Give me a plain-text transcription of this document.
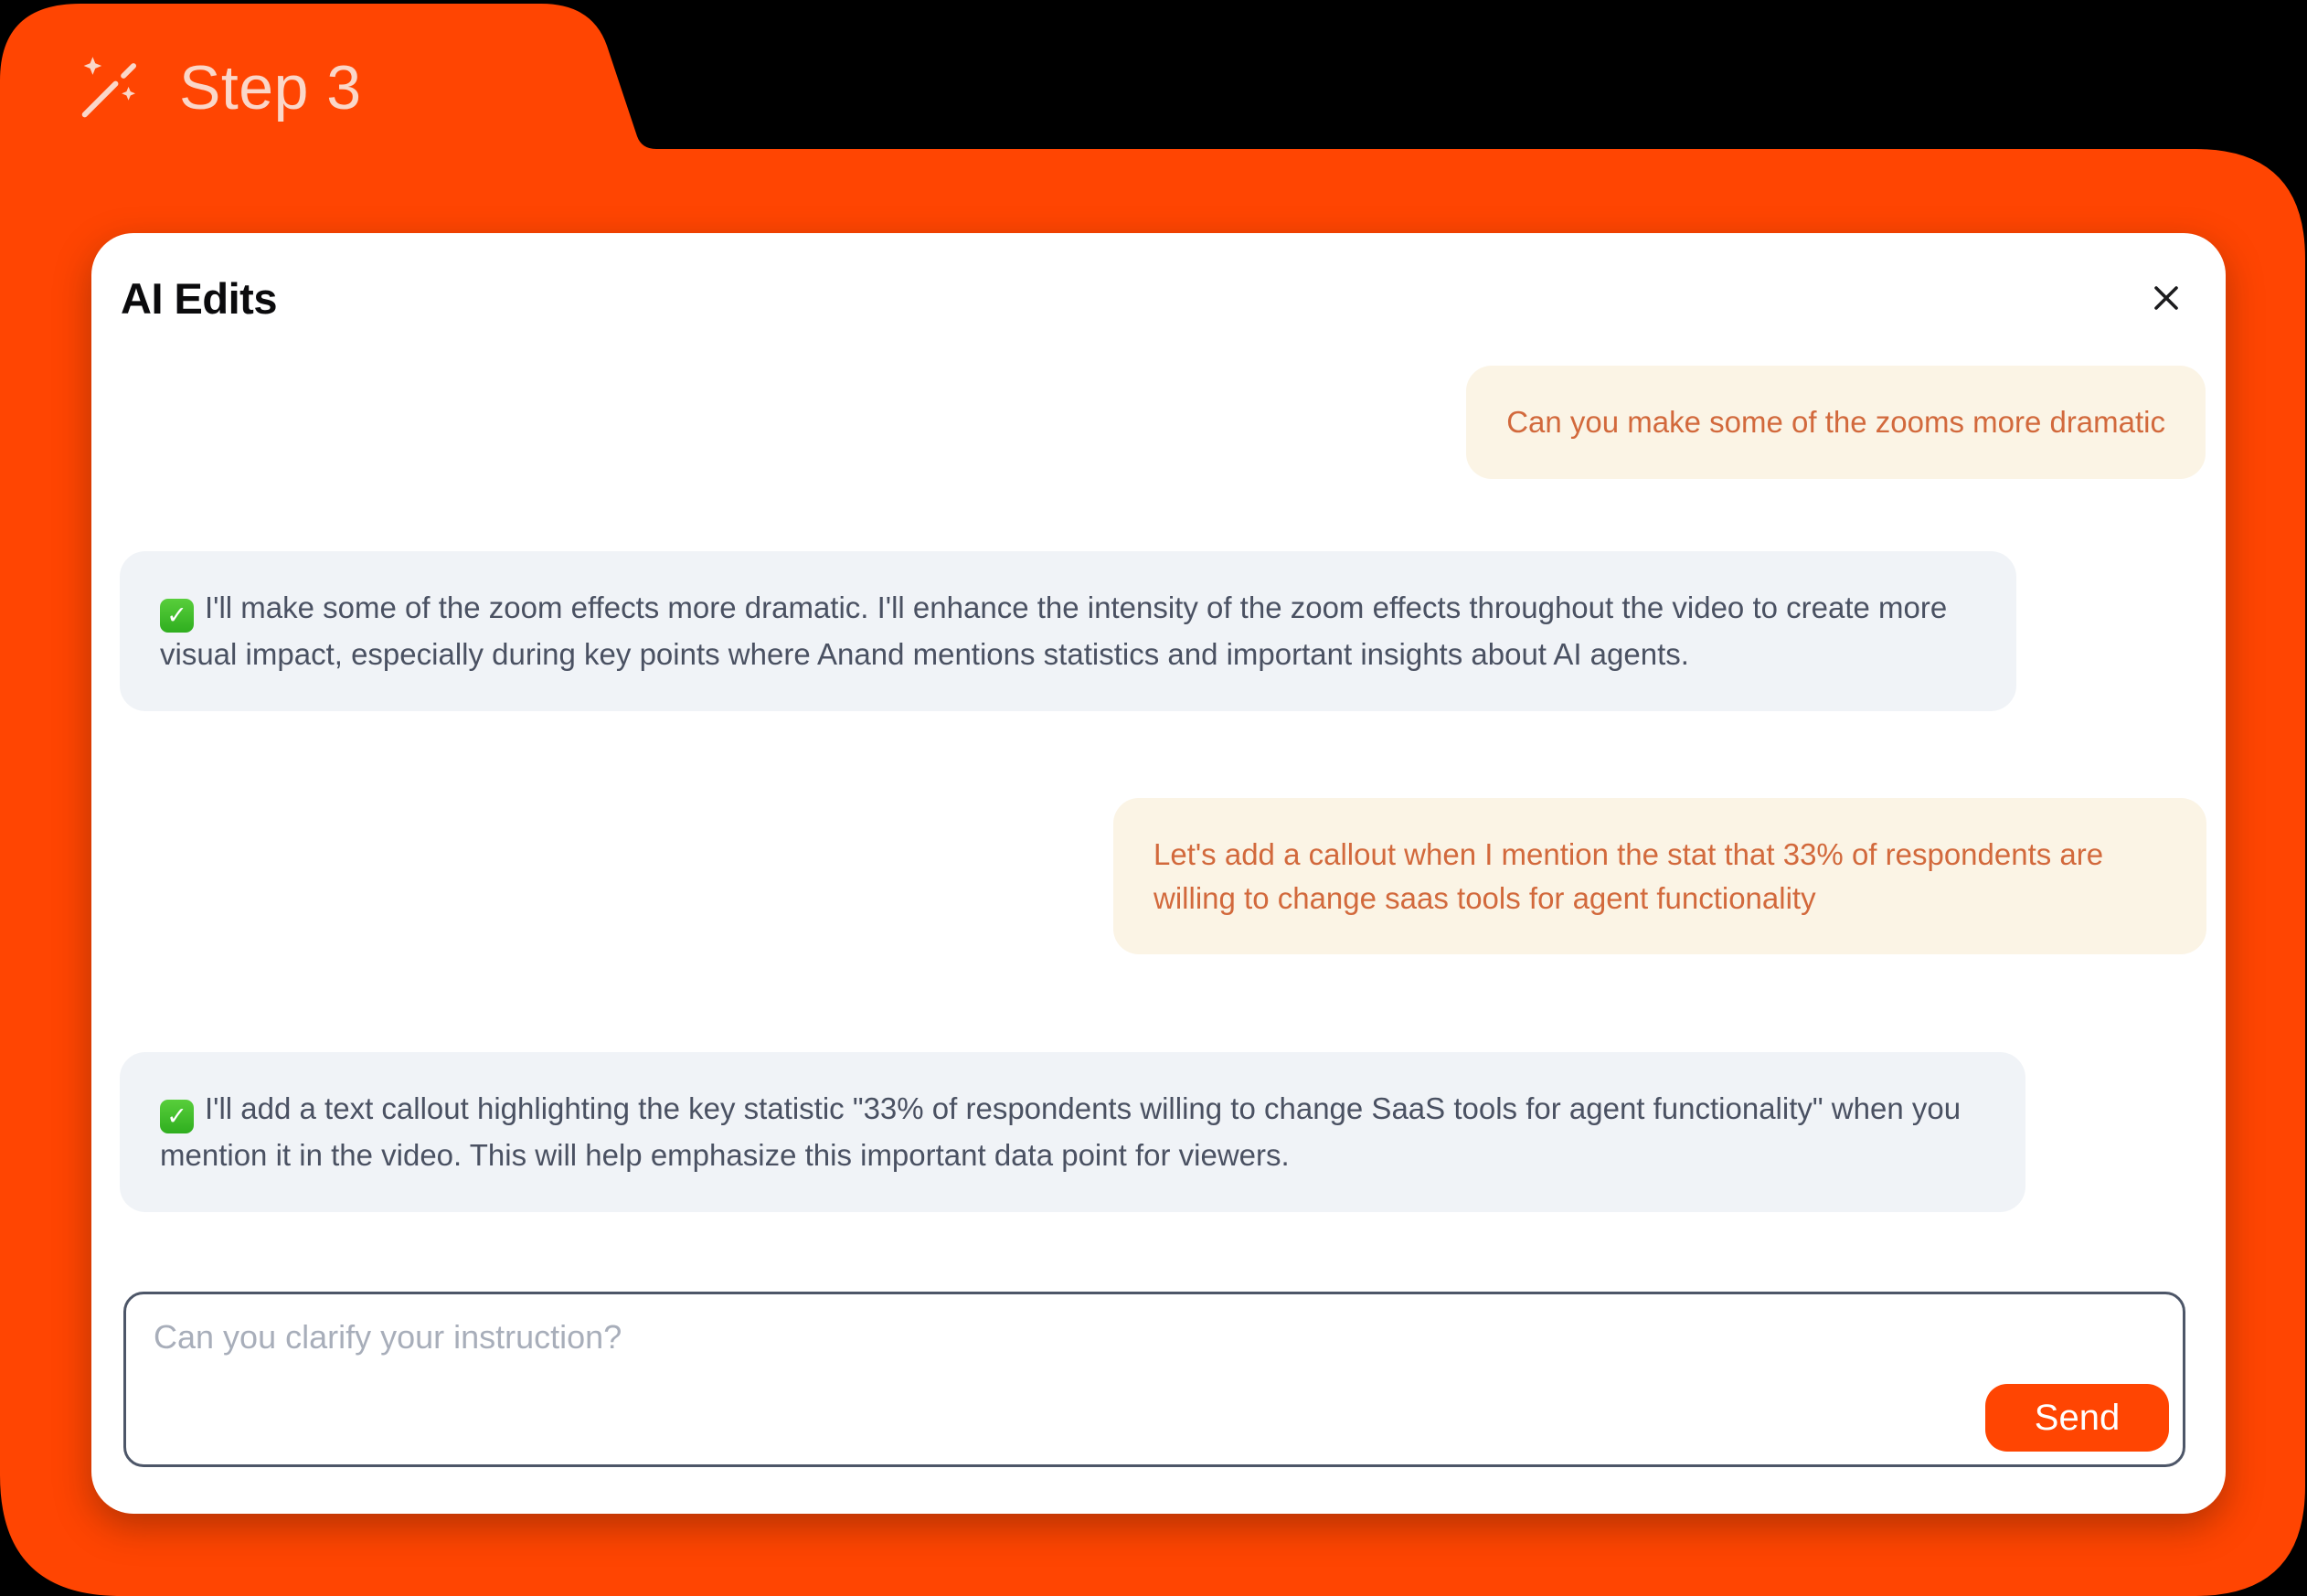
Step 3
AI Edits
Can you make some of the zooms more dramatic
✓ I'll make some of the zoom effects more dramatic. I'll enhance the intensity of the zoom effects throughout the video to create more visual impact, especially during key points where Anand mentions statistics and important insights about AI agents.
Let's add a callout when I mention the stat that 33% of respondents are willing to change saas tools for agent functionality
✓ I'll add a text callout highlighting the key statistic "33% of respondents willing to change SaaS tools for agent functionality" when you mention it in the video. This will help emphasize this important data point for viewers.
Can you clarify your instruction?
Send
